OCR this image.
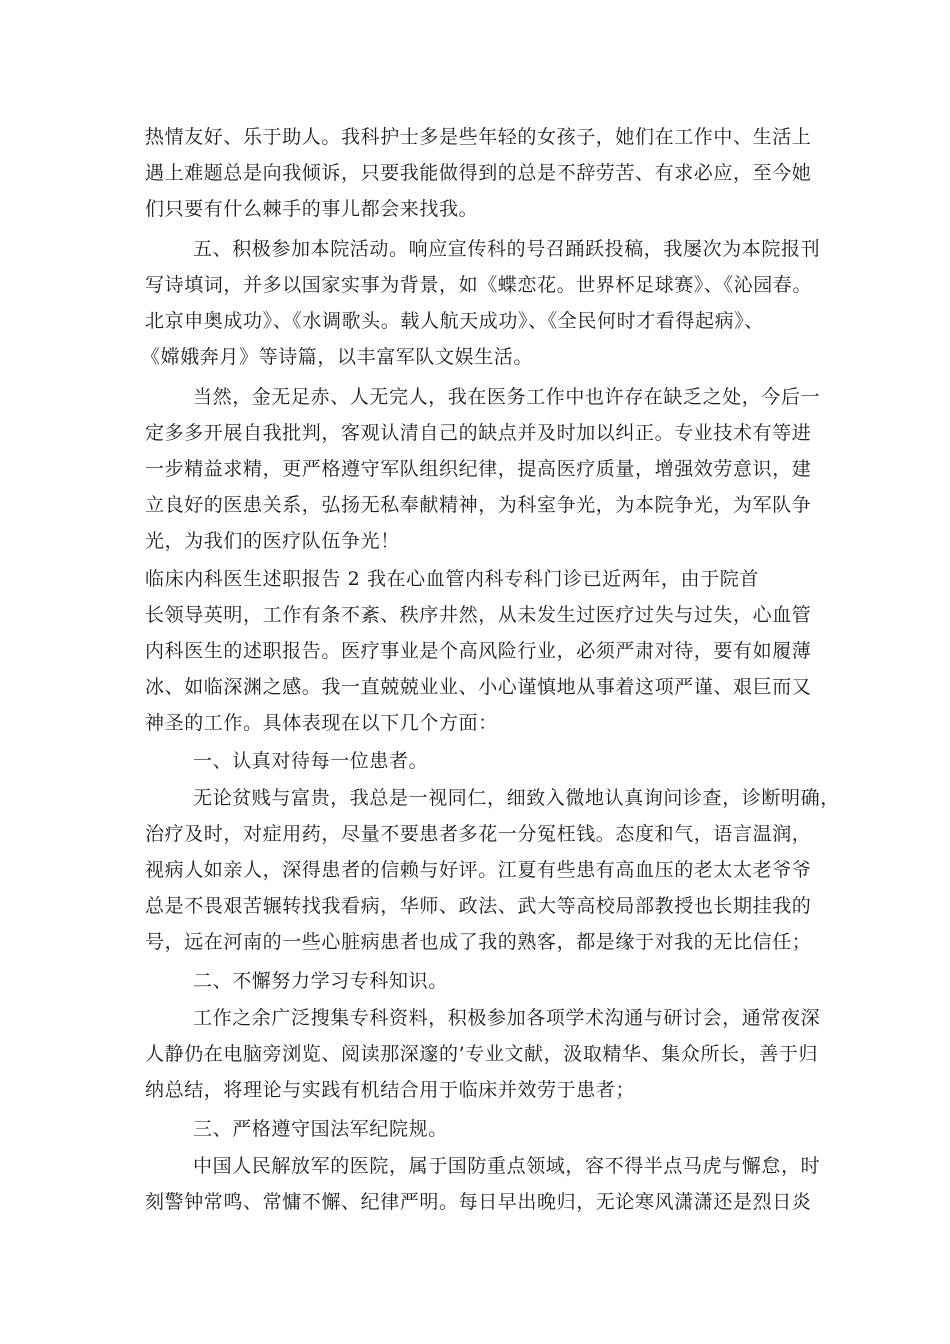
热情友好、乐于助人。我科护士多是些年轻的女孩子，她们在工作中、生活上
遇上难题总是向我倾诉，只要我能做得到的总是不辞劳苦、有求必应，至今她
们只要有什么棘手的事儿都会来找我。
五、积极参加本院活动。响应宣传科的号召踊跃投稿，我屡次为本院报刊
写诗填词，并多以国家实事为背景，如《蝶恋花。世界杯足球赛》、《沁园春。
北京申奥成功》、《水调歌头。载人航天成功》、《全民何时才看得起病》、
《嫦娥奔月》等诗篇，以丰富军队文娱生活。
当然，金无足赤、人无完人，我在医务工作中也许存在缺乏之处，今后一
定多多开展自我批判，客观认清自己的缺点并及时加以纠正。专业技术有等进
一步精益求精，更严格遵守军队组织纪律，提高医疗质量，增强效劳意识，建
立良好的医患关系，弘扬无私奉献精神，为科室争光，为本院争光，为军队争
光，为我们的医疗队伍争光！
临床内科医生述职报告 2 我在心血管内科专科门诊已近两年，由于院首
长领导英明，工作有条不紊、秩序井然，从未发生过医疗过失与过失，心血管
内科医生的述职报告。医疗事业是个高风险行业，必须严肃对待，要有如履薄
冰、如临深渊之感。我一直兢兢业业、小心谨慎地从事着这项严谨、艰巨而又
神圣的工作。具体表现在以下几个方面：
一、认真对待每一位患者。
无论贫贱与富贵，我总是一视同仁，细致入微地认真询问诊查，诊断明确，
治疗及时，对症用药，尽量不要患者多花一分冤枉钱。态度和气，语言温润，
视病人如亲人，深得患者的信赖与好评。江夏有些患有高血压的老太太老爷爷
总是不畏艰苦辗转找我看病，华师、政法、武大等高校局部教授也长期挂我的
号，远在河南的一些心脏病患者也成了我的熟客，都是缘于对我的无比信任；
二、不懈努力学习专科知识。
工作之余广泛搜集专科资料，积极参加各项学术沟通与研讨会，通常夜深
人静仍在电脑旁浏览、阅读那深邃的’专业文献，汲取精华、集众所长，善于归
纳总结，将理论与实践有机结合用于临床并效劳于患者；
三、严格遵守国法军纪院规。
中国人民解放军的医院，属于国防重点领域，容不得半点马虎与懈怠，时
刻警钟常鸣、常慵不懈、纪律严明。每日早出晚归，无论寒风潇潇还是烈日炎
